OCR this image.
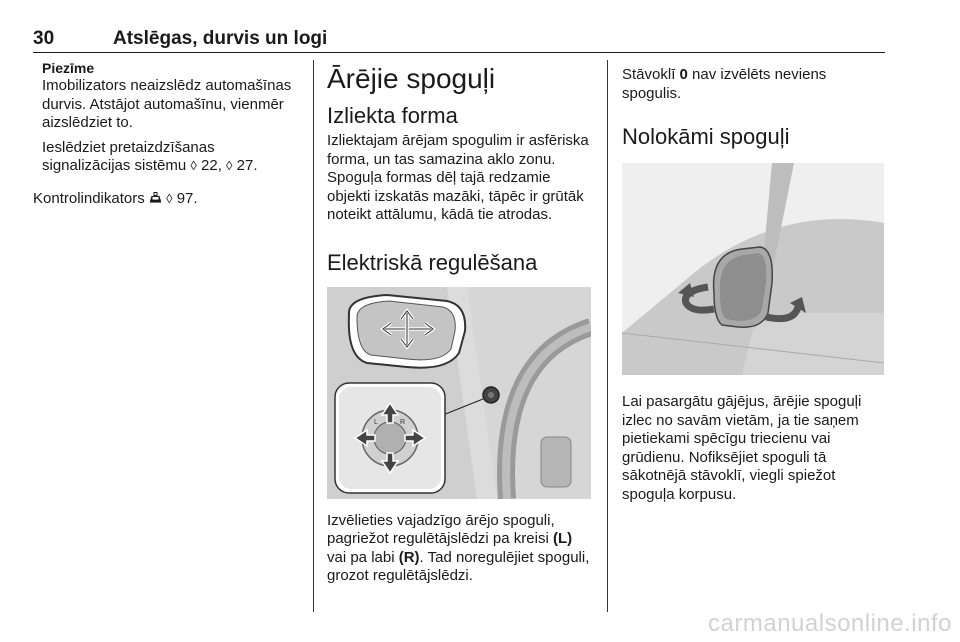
30	Atslēgas, durvis un logi

Piezīme

Imobilizators neaizslēdz automašīnas durvis. Atstājot automašīnu, vienmēr aizslēdziet to.

Ieslēdziet pretaizdzīšanas signalizācijas sistēmu ◊ 22, ◊ 27.

Kontrolindikators ◊ 97.

Ārējie spoguļi
Izliekta forma

Izliektajam ārējam spogulim ir asfēriska forma, un tas samazina aklo zonu. Spoguļa formas dēļ tajā redzamie objekti izskatās mazāki, tāpēc ir grūtāk noteikt attālumu, kādā tie atrodas.

Elektriskā regulēšana
L	R

Izvēlieties vajadzīgo ārējo spoguli, pagriežot regulētājslēdzi pa kreisi (L) vai pa labi (R). Tad noregulējiet spoguli, grozot regulētājslēdzi.

Stāvoklī 0 nav izvēlēts neviens spogulis.

Nolokāmi spoguļi

Lai pasargātu gājējus, ārējie spoguļi izlec no savām vietām, ja tie saņem pietiekami spēcīgu triecienu vai grūdienu. Nofiksējiet spoguli tā sākotnējā stāvoklī, viegli spiežot spoguļa korpusu.

carmanualsonline.info
